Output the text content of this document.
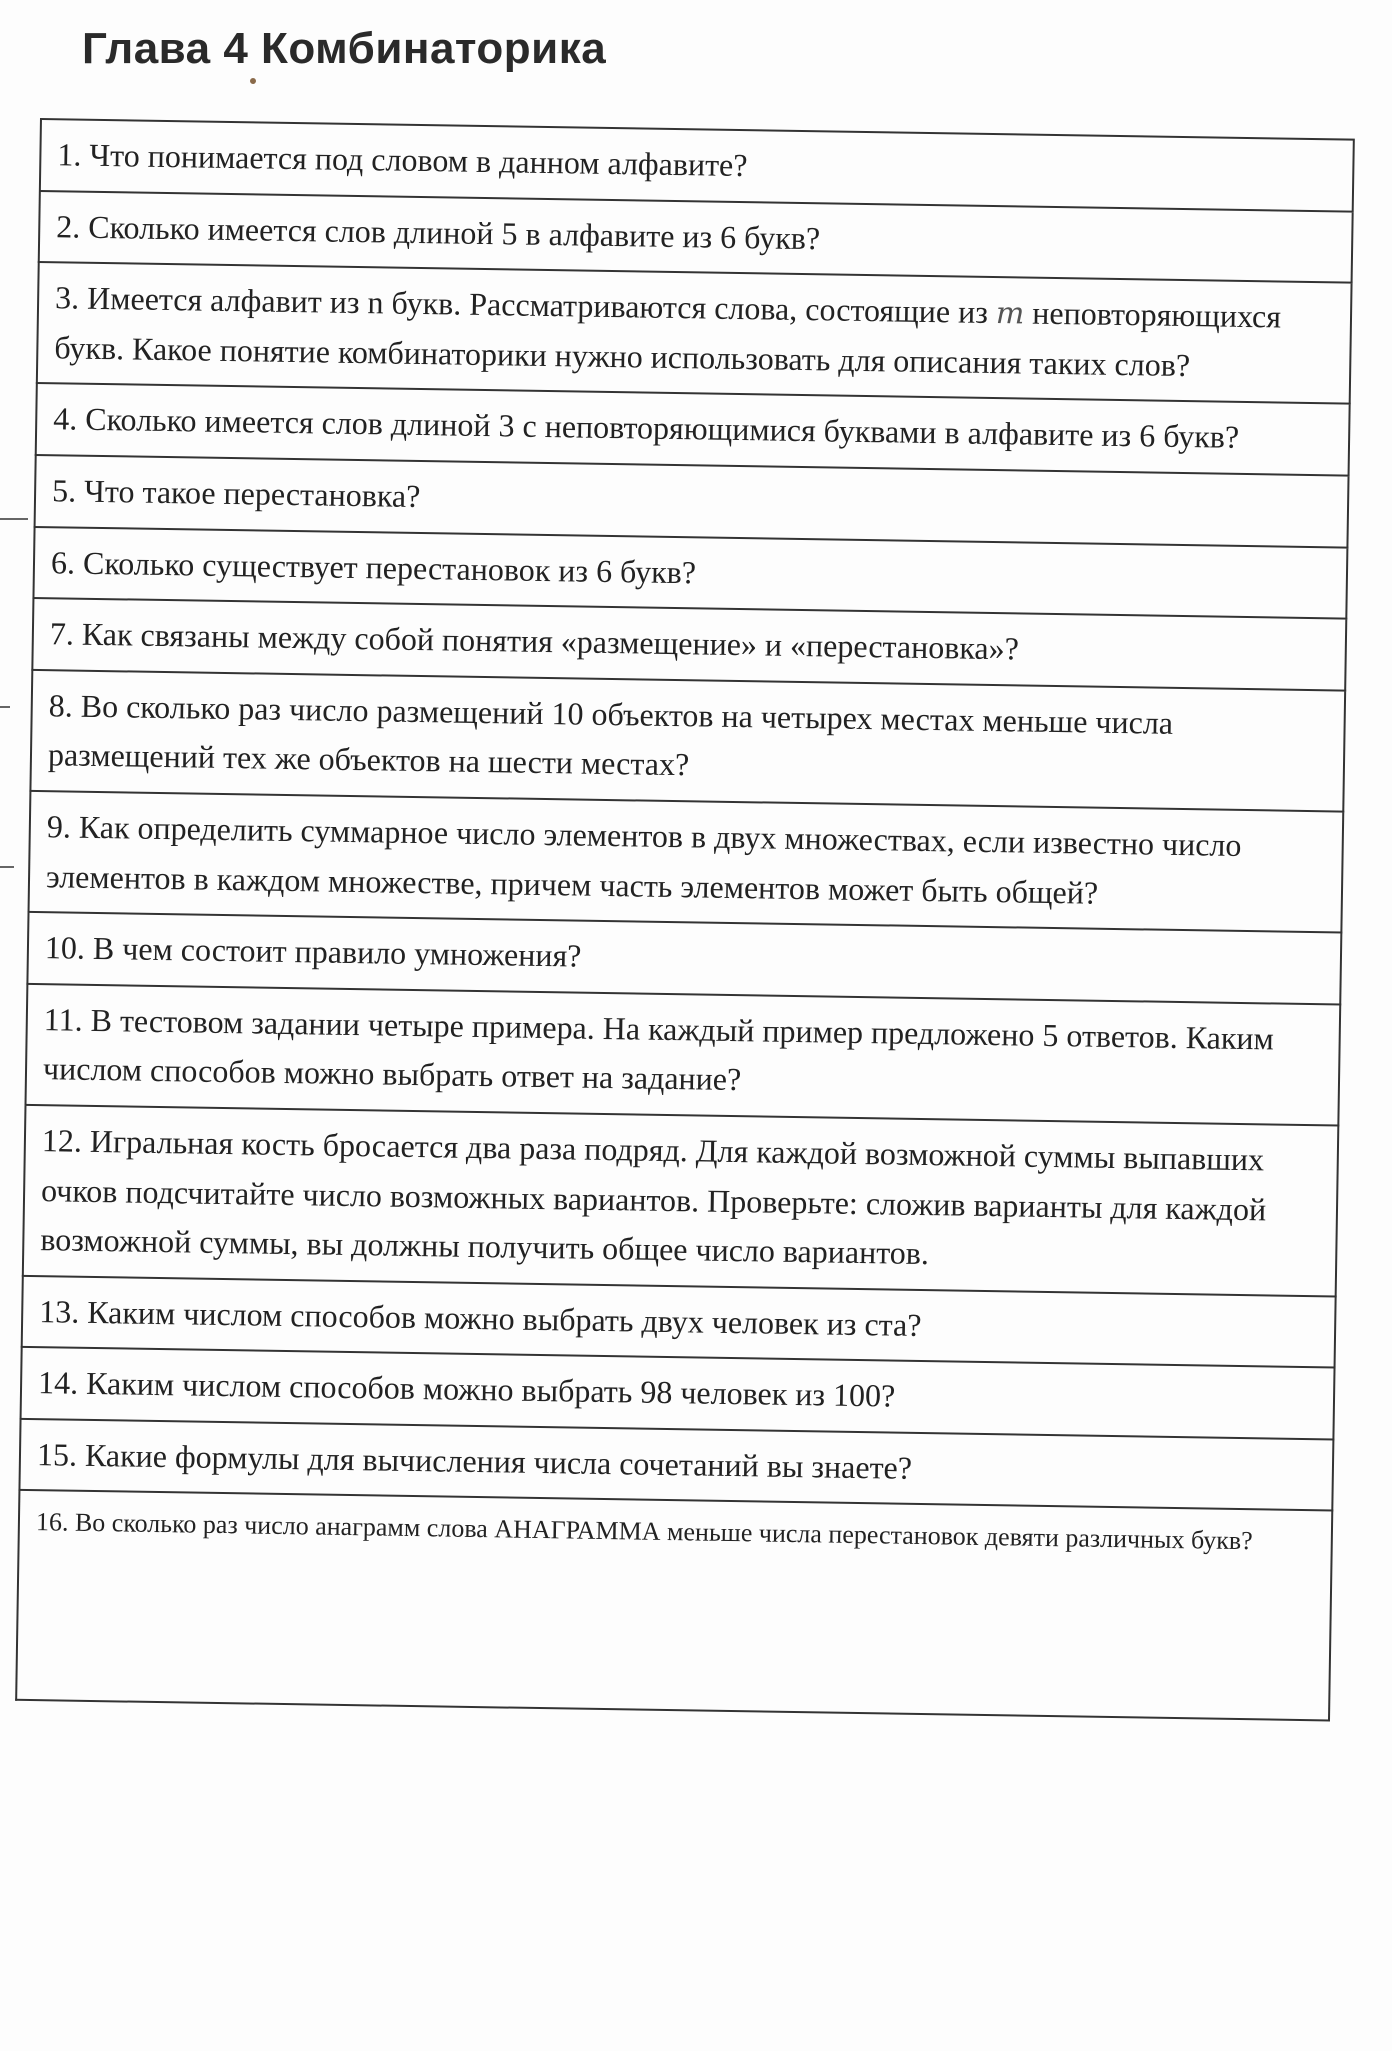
Глава 4 Комбинаторика
1. Что понимается под словом в данном алфавите?
2. Сколько имеется слов длиной 5 в алфавите из 6 букв?
3. Имеется алфавит из n букв. Рассматриваются слова, состоящие из m неповторяющихся букв. Какое понятие комбинаторики нужно использовать для описания таких слов?
4. Сколько имеется слов длиной 3 с неповторяющимися буквами в алфавите из 6 букв?
5. Что такое перестановка?
6. Сколько существует перестановок из 6 букв?
7. Как связаны между собой понятия «размещение» и «перестановка»?
8. Во сколько раз число размещений 10 объектов на четырех местах меньше числа размещений тех же объектов на шести местах?
9. Как определить суммарное число элементов в двух множествах, если известно число элементов в каждом множестве, причем часть элементов может быть общей?
10. В чем состоит правило умножения?
11. В тестовом задании четыре примера. На каждый пример предложено 5 ответов. Каким числом способов можно выбрать ответ на задание?
12. Игральная кость бросается два раза подряд. Для каждой возможной суммы выпавших очков подсчитайте число возможных вариантов. Проверьте: сложив варианты для каждой возможной суммы, вы должны получить общее число вариантов.
13. Каким числом способов можно выбрать двух человек из ста?
14. Каким числом способов можно выбрать 98 человек из 100?
15. Какие формулы для вычисления числа сочетаний вы знаете?
16. Во сколько раз число анаграмм слова АНАГРАММА меньше числа перестановок девяти различных букв?
